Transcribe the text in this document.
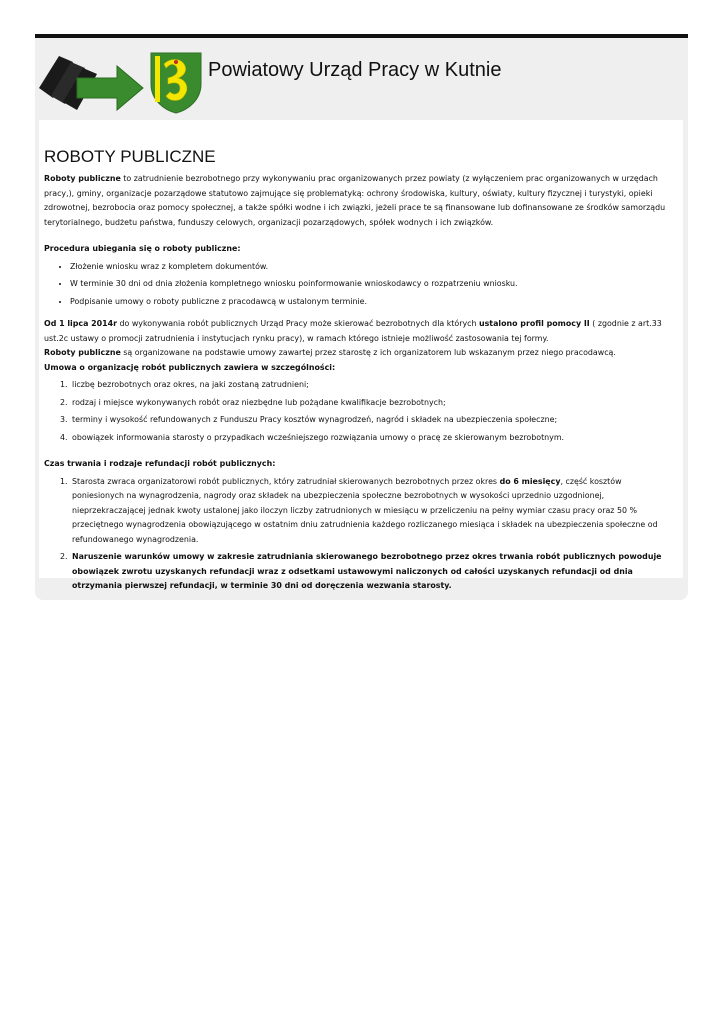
Powiatowy Urząd Pracy w Kutnie
ROBOTY PUBLICZNE

Roboty publiczne to zatrudnienie bezrobotnego przy wykonywaniu prac organizowanych przez powiaty (z wyłączeniem prac organizowanych w urzędach pracy,), gminy, organizacje pozarządowe statutowo zajmujące się problematyką: ochrony środowiska, kultury, oświaty, kultury fizycznej i turystyki, opieki zdrowotnej, bezrobocia oraz pomocy społecznej, a także spółki wodne i ich związki, jeżeli prace te są finansowane lub dofinansowane ze środków samorządu terytorialnego, budżetu państwa, funduszy celowych, organizacji pozarządowych, spółek wodnych i ich związków.

Procedura ubiegania się o roboty publiczne:

• Złożenie wniosku wraz z kompletem dokumentów.
• W terminie 30 dni od dnia złożenia kompletnego wniosku poinformowanie wnioskodawcy o rozpatrzeniu wniosku.
• Podpisanie umowy o roboty publiczne z pracodawcą w ustalonym terminie.

Od 1 lipca 2014r do wykonywania robót publicznych Urząd Pracy może skierować bezrobotnych dla których ustalono profil pomocy II ( zgodnie z art.33 ust.2c ustawy o promocji zatrudnienia i instytucjach rynku pracy), w ramach którego istnieje możliwość zastosowania tej formy.

Roboty publiczne są organizowane na podstawie umowy zawartej przez starostę z ich organizatorem lub wskazanym przez niego pracodawcą.

Umowa o organizację robót publicznych zawiera w szczególności:

1. liczbę bezrobotnych oraz okres, na jaki zostaną zatrudnieni;
2. rodzaj i miejsce wykonywanych robót oraz niezbędne lub pożądane kwalifikacje bezrobotnych;
3. terminy i wysokość refundowanych z Funduszu Pracy kosztów wynagrodzeń, nagród i składek na ubezpieczenia społeczne;
4. obowiązek informowania starosty o przypadkach wcześniejszego rozwiązania umowy o pracę ze skierowanym bezrobotnym.

Czas trwania i rodzaje refundacji robót publicznych:

1. Starosta zwraca organizatorowi robót publicznych, który zatrudniał skierowanych bezrobotnych przez okres do 6 miesięcy, część kosztów poniesionych na wynagrodzenia, nagrody oraz składek na ubezpieczenia społeczne bezrobotnych w wysokości uprzednio uzgodnionej, nieprzekraczającej jednak kwoty ustalonej jako iloczyn liczby zatrudnionych w miesiącu w przeliczeniu na pełny wymiar czasu pracy oraz 50 % przeciętnego wynagrodzenia obowiązującego w ostatnim dniu zatrudnienia każdego rozliczanego miesiąca i składek na ubezpieczenia społeczne od refundowanego wynagrodzenia.
2. Naruszenie warunków umowy w zakresie zatrudniania skierowanego bezrobotnego przez okres trwania robót publicznych powoduje obowiązek zwrotu uzyskanych refundacji wraz z odsetkami ustawowymi naliczonych od całości uzyskanych refundacji od dnia otrzymania pierwszej refundacji, w terminie 30 dni od doręczenia wezwania starosty.
